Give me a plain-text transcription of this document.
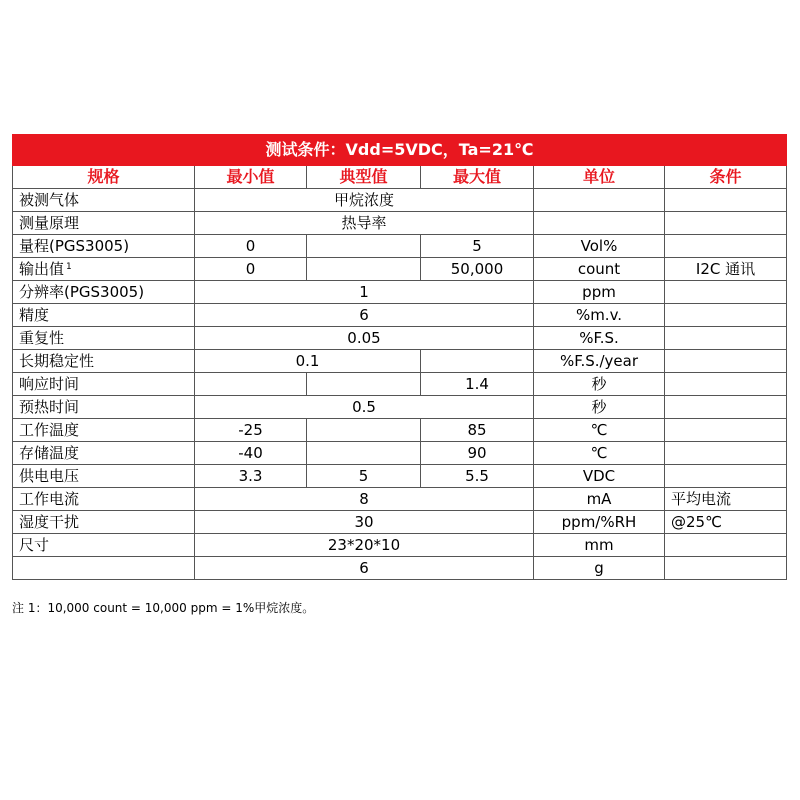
测试条件：Vdd=5VDC，Ta=21℃					
规格	最小值	典型值	最大值	单位	条件
被测气体	甲烷浓度				
测量原理	热导率				
量程(PGS3005)	0		5	Vol%	
输出值 $^1$	0		50,000	count	I2C 通讯
分辨率(PGS3005)	1			ppm	
精度	6			%m.v.	
重复性	0.05			%F.S.	
长期稳定性	0.1			%F.S./year	
响应时间			1.4	秒	
预热时间	0.5			秒	
工作温度	-25		85	℃	
存储温度	-40		90	℃	
供电电压	3.3	5	5.5	VDC	
工作电流	8			mA	平均电流
湿度干扰	30			ppm/%RH	@25℃
尺寸	23*20*10			mm	
	6			g	
注 1：10,000 count = 10,000 ppm = 1%甲烷浓度。
